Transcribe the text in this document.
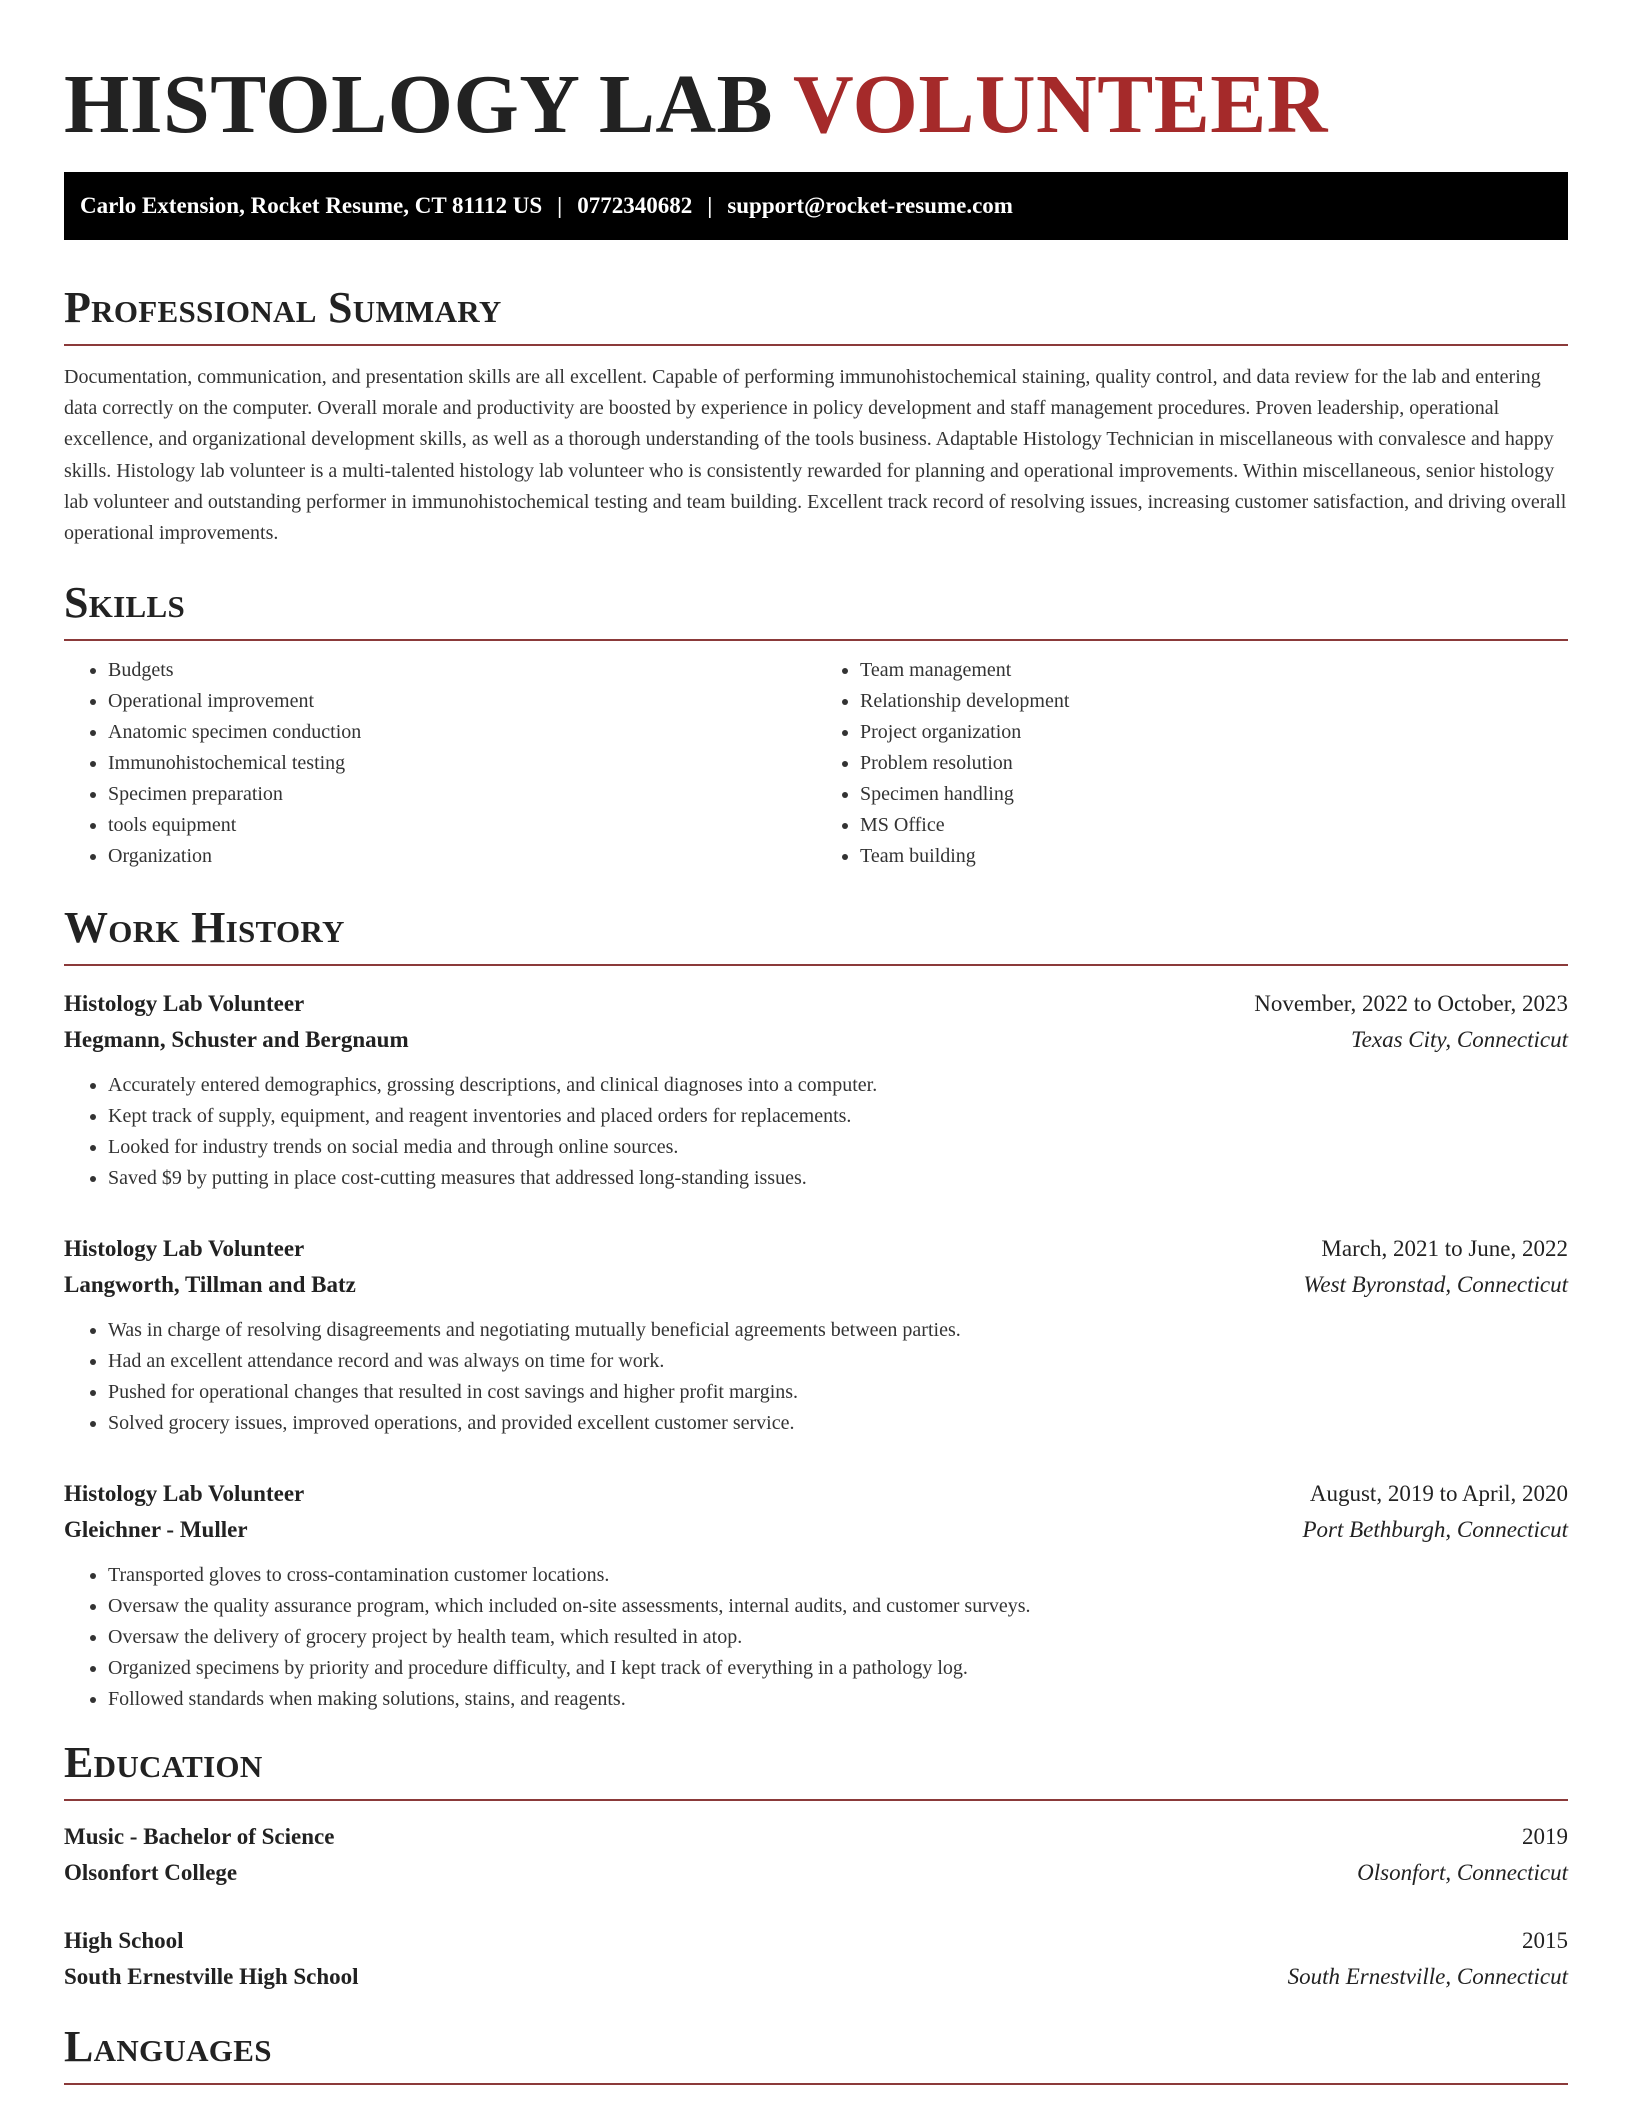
HISTOLOGY LAB VOLUNTEER
Carlo Extension, Rocket Resume, CT 81112 US | 0772340682 | support@rocket-resume.com
Professional Summary

Documentation, communication, and presentation skills are all excellent. Capable of performing immunohistochemical staining, quality control, and data review for the lab and entering data correctly on the computer. Overall morale and productivity are boosted by experience in policy development and staff management procedures. Proven leadership, operational excellence, and organizational development skills, as well as a thorough understanding of the tools business. Adaptable Histology Technician in miscellaneous with convalesce and happy skills. Histology lab volunteer is a multi-talented histology lab volunteer who is consistently rewarded for planning and operational improvements. Within miscellaneous, senior histology lab volunteer and outstanding performer in immunohistochemical testing and team building. Excellent track record of resolving issues, increasing customer satisfaction, and driving overall operational improvements.

Skills
• Budgets
• Operational improvement
• Anatomic specimen conduction
• Immunohistochemical testing
• Specimen preparation
• tools equipment
• Organization
• Team management
• Relationship development
• Project organization
• Problem resolution
• Specimen handling
• MS Office
• Team building
Work History
Histology Lab Volunteer	November, 2022 to October, 2023
Hegmann, Schuster and Bergnaum	Texas City, Connecticut
• Accurately entered demographics, grossing descriptions, and clinical diagnoses into a computer.
• Kept track of supply, equipment, and reagent inventories and placed orders for replacements.
• Looked for industry trends on social media and through online sources.
• Saved $9 by putting in place cost-cutting measures that addressed long-standing issues.
Histology Lab Volunteer	March, 2021 to June, 2022
Langworth, Tillman and Batz	West Byronstad, Connecticut
• Was in charge of resolving disagreements and negotiating mutually beneficial agreements between parties.
• Had an excellent attendance record and was always on time for work.
• Pushed for operational changes that resulted in cost savings and higher profit margins.
• Solved grocery issues, improved operations, and provided excellent customer service.
Histology Lab Volunteer	August, 2019 to April, 2020
Gleichner - Muller	Port Bethburgh, Connecticut
• Transported gloves to cross-contamination customer locations.
• Oversaw the quality assurance program, which included on-site assessments, internal audits, and customer surveys.
• Oversaw the delivery of grocery project by health team, which resulted in atop.
• Organized specimens by priority and procedure difficulty, and I kept track of everything in a pathology log.
• Followed standards when making solutions, stains, and reagents.
Education
Music - Bachelor of Science	2019
Olsonfort College	Olsonfort, Connecticut
High School	2015
South Ernestville High School	South Ernestville, Connecticut
Languages
